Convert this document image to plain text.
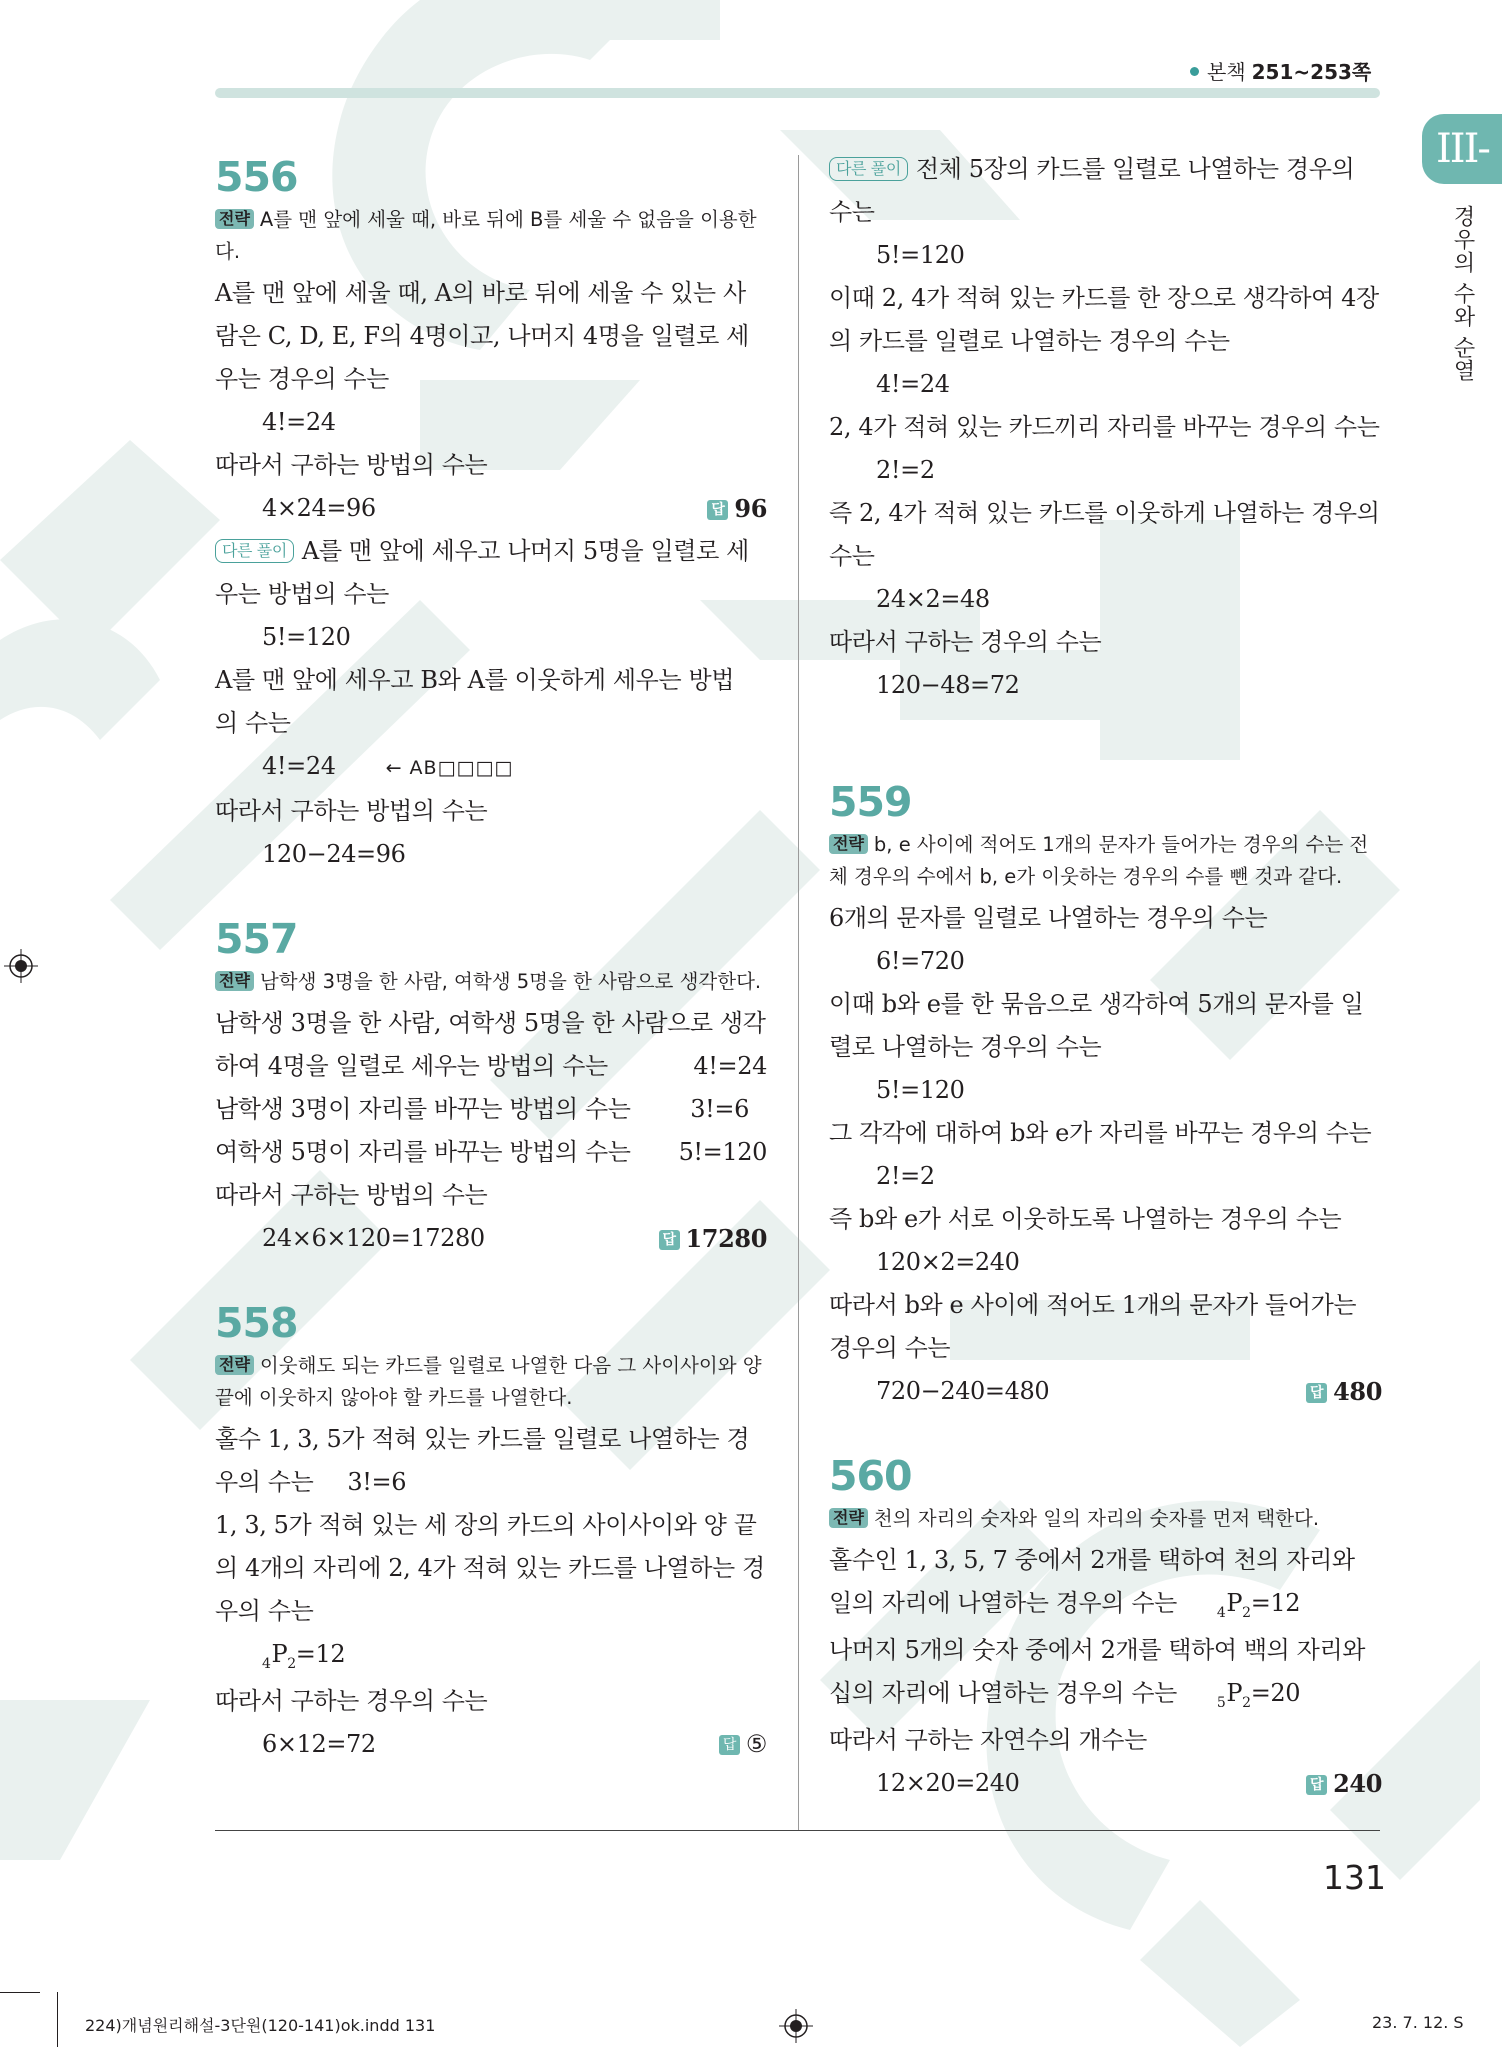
본책 251~253쪽
III-
경우의 수와 순열
556
전략 A를 맨 앞에 세울 때, 바로 뒤에 B를 세울 수 없음을 이용한다.
A를 맨 앞에 세울 때, A의 바로 뒤에 세울 수 있는 사
람은 C, D, E, F의 4명이고, 나머지 4명을 일렬로 세
우는 경우의 수는
4!=24
따라서 구하는 방법의 수는
4×24=96	답 96
다른 풀이 A를 맨 앞에 세우고 나머지 5명을 일렬로 세
우는 방법의 수는
5!=120
A를 맨 앞에 세우고 B와 A를 이웃하게 세우는 방법
의 수는
4!=24	← AB□□□□
따라서 구하는 방법의 수는
120−24=96
557
전략 남학생 3명을 한 사람, 여학생 5명을 한 사람으로 생각한다.
남학생 3명을 한 사람, 여학생 5명을 한 사람으로 생각
하여 4명을 일렬로 세우는 방법의 수는	4!=24
남학생 3명이 자리를 바꾸는 방법의 수는 3!=6
여학생 5명이 자리를 바꾸는 방법의 수는 5!=120
따라서 구하는 방법의 수는
24×6×120=17280	답 17280
558
전략 이웃해도 되는 카드를 일렬로 나열한 다음 그 사이사이와 양 끝에 이웃하지 않아야 할 카드를 나열한다.
홀수 1, 3, 5가 적혀 있는 카드를 일렬로 나열하는 경
우의 수는 3!=6
1, 3, 5가 적혀 있는 세 장의 카드의 사이사이와 양 끝
의 4개의 자리에 2, 4가 적혀 있는 카드를 나열하는 경
우의 수는
$_4P_2=12$
따라서 구하는 경우의 수는
6×12=72	답 ⑤
다른 풀이 전체 5장의 카드를 일렬로 나열하는 경우의
수는
5!=120
이때 2, 4가 적혀 있는 카드를 한 장으로 생각하여 4장
의 카드를 일렬로 나열하는 경우의 수는
4!=24
2, 4가 적혀 있는 카드끼리 자리를 바꾸는 경우의 수는
2!=2
즉 2, 4가 적혀 있는 카드를 이웃하게 나열하는 경우의
수는
24×2=48
따라서 구하는 경우의 수는
120−48=72
559
전략 b, e 사이에 적어도 1개의 문자가 들어가는 경우의 수는 전체 경우의 수에서 b, e가 이웃하는 경우의 수를 뺀 것과 같다.
6개의 문자를 일렬로 나열하는 경우의 수는
6!=720
이때 b와 e를 한 묶음으로 생각하여 5개의 문자를 일
렬로 나열하는 경우의 수는
5!=120
그 각각에 대하여 b와 e가 자리를 바꾸는 경우의 수는
2!=2
즉 b와 e가 서로 이웃하도록 나열하는 경우의 수는
120×2=240
따라서 b와 e 사이에 적어도 1개의 문자가 들어가는
경우의 수는
720−240=480	답 480
560
전략 천의 자리의 숫자와 일의 자리의 숫자를 먼저 택한다.
홀수인 1, 3, 5, 7 중에서 2개를 택하여 천의 자리와
일의 자리에 나열하는 경우의 수는	$_4P_2=12$
나머지 5개의 숫자 중에서 2개를 택하여 백의 자리와
십의 자리에 나열하는 경우의 수는	$_5P_2=20$
따라서 구하는 자연수의 개수는
12×20=240	답 240
131
224)개념원리해설-3단원(120-141)ok.indd 131	23. 7. 12. S
